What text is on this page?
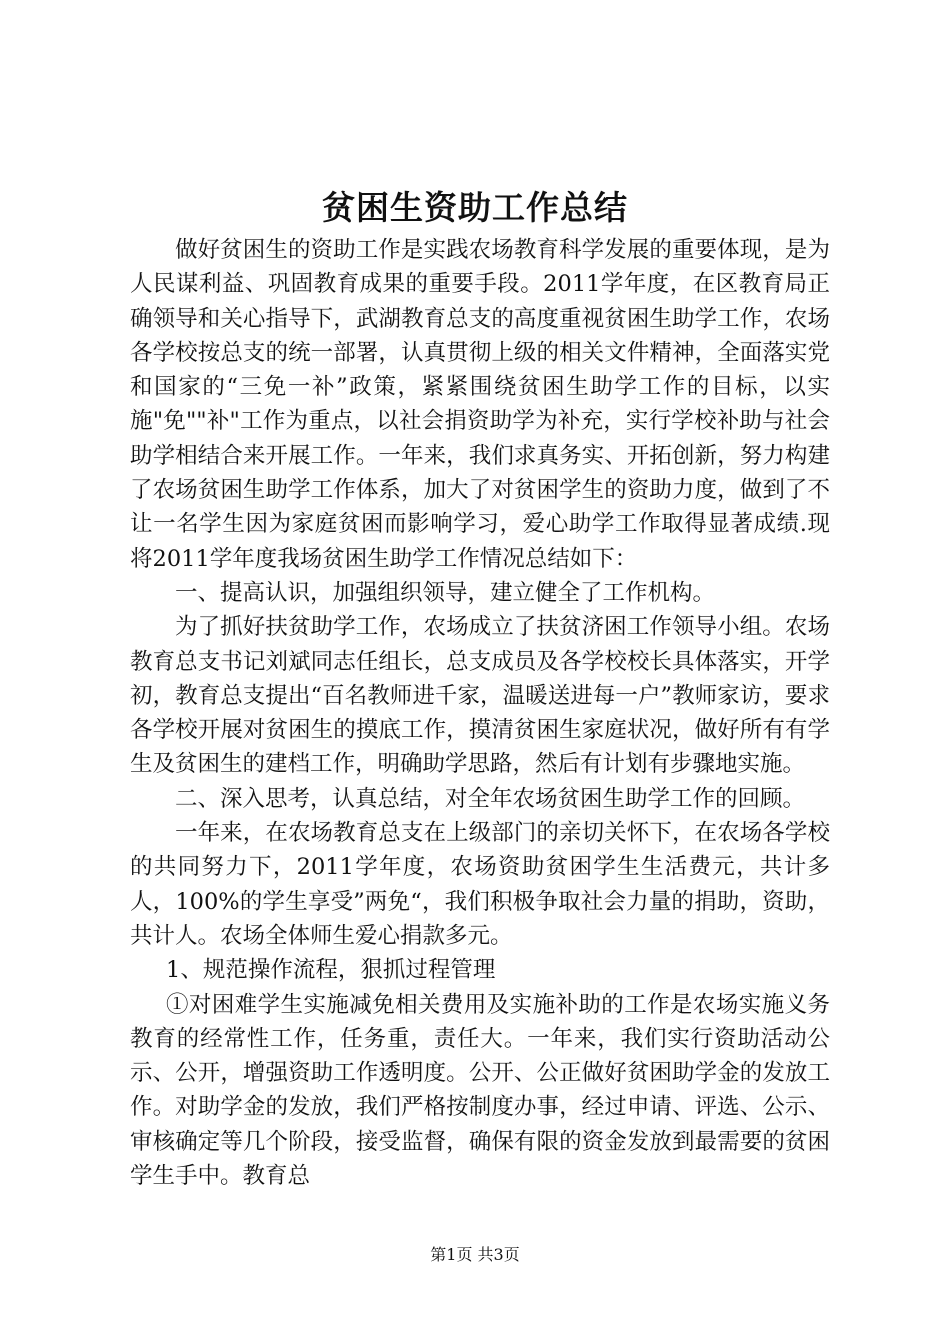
贫困生资助工作总结

做好贫困生的资助工作是实践农场教育科学发展的重要体现，是为人民谋利益、巩固教育成果的重要手段。2011学年度，在区教育局正确领导和关心指导下，武湖教育总支的高度重视贫困生助学工作，农场各学校按总支的统一部署，认真贯彻上级的相关文件精神，全面落实党和国家的“三免一补”政策，紧紧围绕贫困生助学工作的目标，以实施"免""补"工作为重点，以社会捐资助学为补充，实行学校补助与社会助学相结合来开展工作。一年来，我们求真务实、开拓创新，努力构建了农场贫困生助学工作体系，加大了对贫困学生的资助力度，做到了不让一名学生因为家庭贫困而影响学习，爱心助学工作取得显著成绩.现将2011学年度我场贫困生助学工作情况总结如下：

一、提高认识，加强组织领导，建立健全了工作机构。

为了抓好扶贫助学工作，农场成立了扶贫济困工作领导小组。农场教育总支书记刘斌同志任组长，总支成员及各学校校长具体落实，开学初，教育总支提出“百名教师进千家，温暖送进每一户”教师家访，要求各学校开展对贫困生的摸底工作，摸清贫困生家庭状况，做好所有有学生及贫困生的建档工作，明确助学思路，然后有计划有步骤地实施。

二、深入思考，认真总结，对全年农场贫困生助学工作的回顾。

一年来，在农场教育总支在上级部门的亲切关怀下，在农场各学校的共同努力下，2011学年度，农场资助贫困学生生活费元，共计多人，100%的学生享受”两免“，我们积极争取社会力量的捐助，资助，共计人。农场全体师生爱心捐款多元。

1、规范操作流程，狠抓过程管理

①对困难学生实施减免相关费用及实施补助的工作是农场实施义务教育的经常性工作，任务重，责任大。一年来，我们实行资助活动公示、公开，增强资助工作透明度。公开、公正做好贫困助学金的发放工作。对助学金的发放，我们严格按制度办事，经过申请、评选、公示、审核确定等几个阶段，接受监督，确保有限的资金发放到最需要的贫困学生手中。教育总

第1页 共3页
